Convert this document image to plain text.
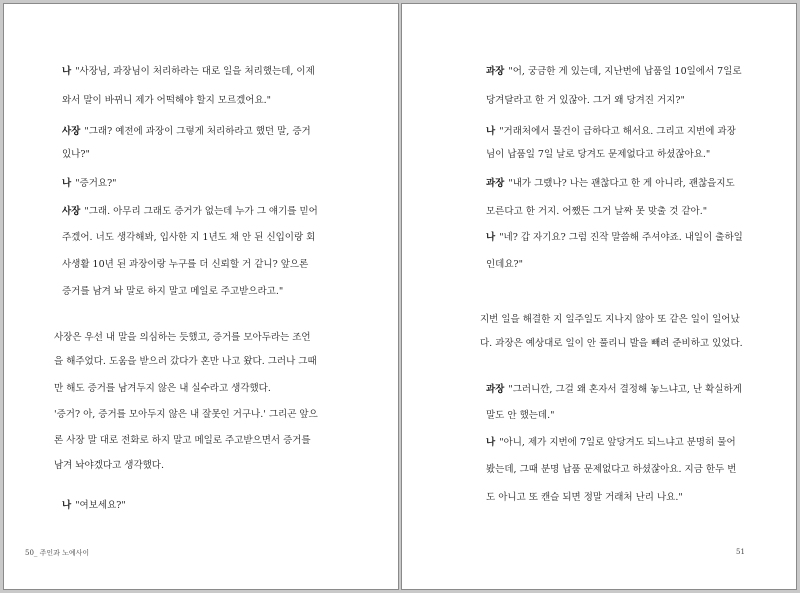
나 "사장님, 과장님이 처리하라는 대로 일을 처리했는데, 이제
와서 말이 바뀌니 제가 어떡해야 할지 모르겠어요."
사장 "그래? 예전에 과장이 그렇게 처리하라고 했던 말, 증거
있나?"
나 "증거요?"
사장 "그래. 아무리 그래도 증거가 없는데 누가 그 얘기를 믿어
주겠어. 너도 생각해봐, 입사한 지 1년도 채 안 된 신입이랑 회
사생활 10년 된 과장이랑 누구를 더 신뢰할 거 같니? 앞으론
증거를 남겨 놔 말로 하지 말고 메일로 주고받으라고."
사장은 우선 내 말을 의심하는 듯했고, 증거를 모아두라는 조언
을 해주었다. 도움을 받으러 갔다가 혼만 나고 왔다. 그러나 그때
만 해도 증거를 남겨두지 않은 내 실수라고 생각했다.
'증거? 아, 증거를 모아두지 않은 내 잘못인 거구나.' 그리곤 앞으
론 사장 말 대로 전화로 하지 말고 메일로 주고받으면서 증거를
남겨 놔야겠다고 생각했다.
나 "여보세요?"
과장 "어, 궁금한 게 있는데, 지난번에 납품일 10일에서 7일로
당겨달라고 한 거 있잖아. 그거 왜 당겨진 거지?"
나 "거래처에서 물건이 급하다고 해서요. 그리고 지번에 과장
님이 납품일 7일 날로 당겨도 문제없다고 하셨잖아요."
과장 "내가 그랬나? 나는 괜찮다고 한 게 아니라, 괜찮을지도
모른다고 한 거지. 어쨌든 그거 날짜 못 맞출 것 같아."
나 "네? 갑 자기요? 그럼 진작 말씀해 주셔야죠. 내일이 출하일
인데요?"
지번 일을 해결한 지 일주일도 지나지 않아 또 같은 일이 일어났
다. 과장은 예상대로 일이 안 풀리니 발을 빼려 준비하고 있었다.
과장 "그러니깐, 그걸 왜 혼자서 결정해 놓느냐고, 난 확실하게
말도 안 했는데."
나 "아니, 제가 지번에 7일로 앞당겨도 되느냐고 분명히 물어
봤는데, 그때 분명 납품 문제없다고 하셨잖아요. 지금 한두 번
도 아니고 또 캔슬 되면 정말 거래처 난리 나요."
50_ 주인과 노예사이	51
